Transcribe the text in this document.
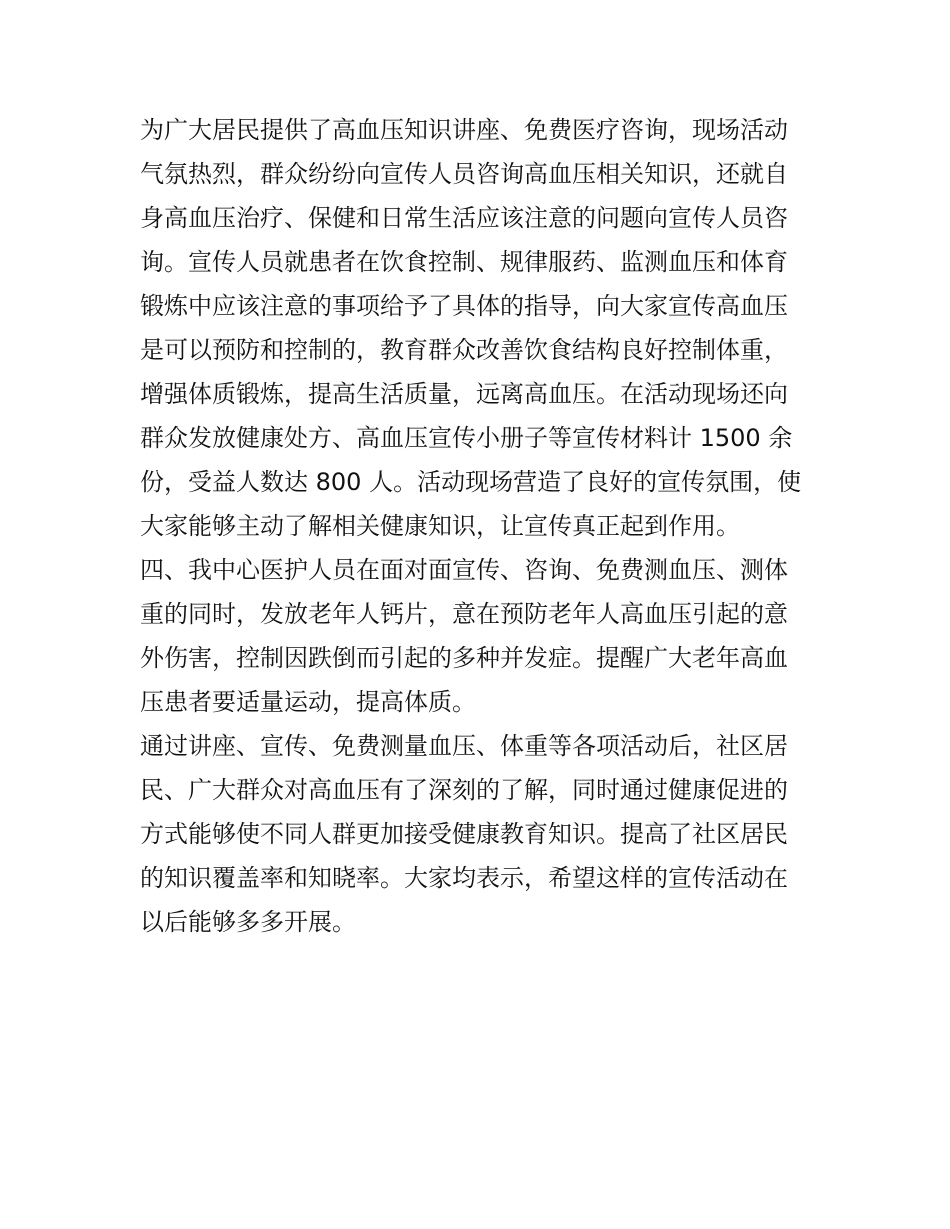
为广大居民提供了高血压知识讲座、免费医疗咨询，现场活动
气氛热烈，群众纷纷向宣传人员咨询高血压相关知识，还就自
身高血压治疗、保健和日常生活应该注意的问题向宣传人员咨
询。宣传人员就患者在饮食控制、规律服药、监测血压和体育
锻炼中应该注意的事项给予了具体的指导，向大家宣传高血压
是可以预防和控制的，教育群众改善饮食结构良好控制体重，
增强体质锻炼，提高生活质量，远离高血压。在活动现场还向
群众发放健康处方、高血压宣传小册子等宣传材料计 1500 余
份，受益人数达 800 人。活动现场营造了良好的宣传氛围，使
大家能够主动了解相关健康知识，让宣传真正起到作用。
四、我中心医护人员在面对面宣传、咨询、免费测血压、测体
重的同时，发放老年人钙片，意在预防老年人高血压引起的意
外伤害，控制因跌倒而引起的多种并发症。提醒广大老年高血
压患者要适量运动，提高体质。
通过讲座、宣传、免费测量血压、体重等各项活动后，社区居
民、广大群众对高血压有了深刻的了解，同时通过健康促进的
方式能够使不同人群更加接受健康教育知识。提高了社区居民
的知识覆盖率和知晓率。大家均表示，希望这样的宣传活动在
以后能够多多开展。
